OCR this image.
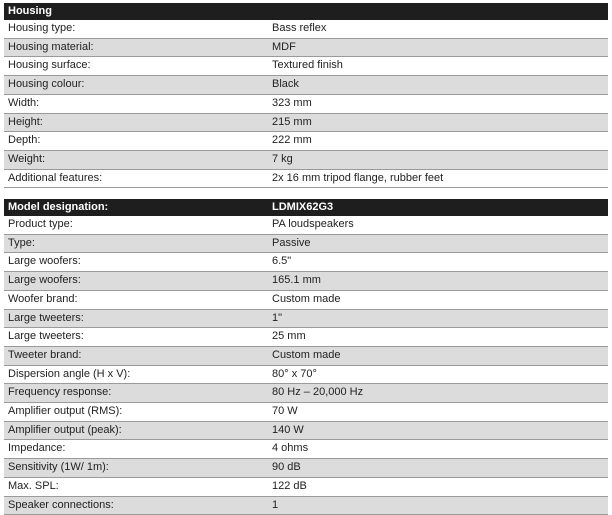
Housing	
Housing type:	Bass reflex
Housing material:	MDF
Housing surface:	Textured finish
Housing colour:	Black
Width:	323 mm
Height:	215 mm
Depth:	222 mm
Weight:	7 kg
Additional features:	2x 16 mm tripod flange, rubber feet
Model designation:	LDMIX62G3
Product type:	PA loudspeakers
Type:	Passive
Large woofers:	6.5"
Large woofers:	165.1 mm
Woofer brand:	Custom made
Large tweeters:	1"
Large tweeters:	25 mm
Tweeter brand:	Custom made
Dispersion angle (H x V):	80° x 70°
Frequency response:	80 Hz – 20,000 Hz
Amplifier output (RMS):	70 W
Amplifier output (peak):	140 W
Impedance:	4 ohms
Sensitivity (1W/ 1m):	90 dB
Max. SPL:	122 dB
Speaker connections:	1
